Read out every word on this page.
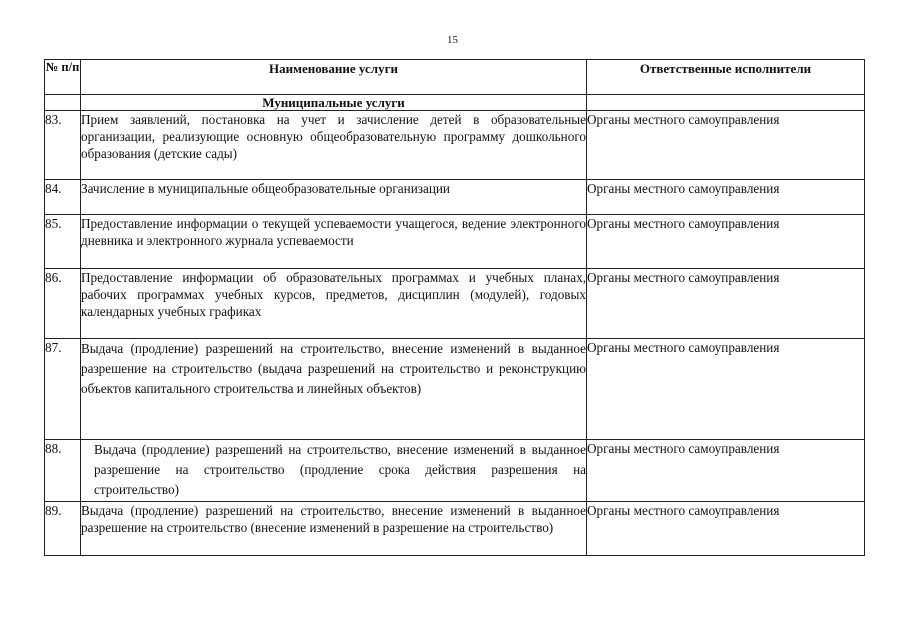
15
№ п/п	Наименование услуги	Ответственные исполнители
	Муниципальные услуги	
83.	Прием заявлений, постановка на учет и зачисление детей в образовательные организации, реализующие основную общеобразовательную программу дошкольного образования (детские сады)	Органы местного самоуправления
84.	Зачисление в муниципальные общеобразовательные организации	Органы местного самоуправления
85.	Предоставление информации о текущей успеваемости учащегося, ведение электронного дневника и электронного журнала успеваемости	Органы местного самоуправления
86.	Предоставление информации об образовательных программах и учебных планах, рабочих программах учебных курсов, предметов, дисциплин (модулей), годовых календарных учебных графиках	Органы местного самоуправления
87.	Выдача (продление) разрешений на строительство, внесение изменений в выданное разрешение на строительство (выдача разрешений на строительство и реконструкцию объектов капитального строительства и линейных объектов)	Органы местного самоуправления
88.	Выдача (продление) разрешений на строительство, внесение изменений в выданное разрешение на строительство (продление срока действия разрешения на строительство)	Органы местного самоуправления
89.	Выдача (продление) разрешений на строительство, внесение изменений в выданное разрешение на строительство (внесение изменений в разрешение на строительство)	Органы местного самоуправления
